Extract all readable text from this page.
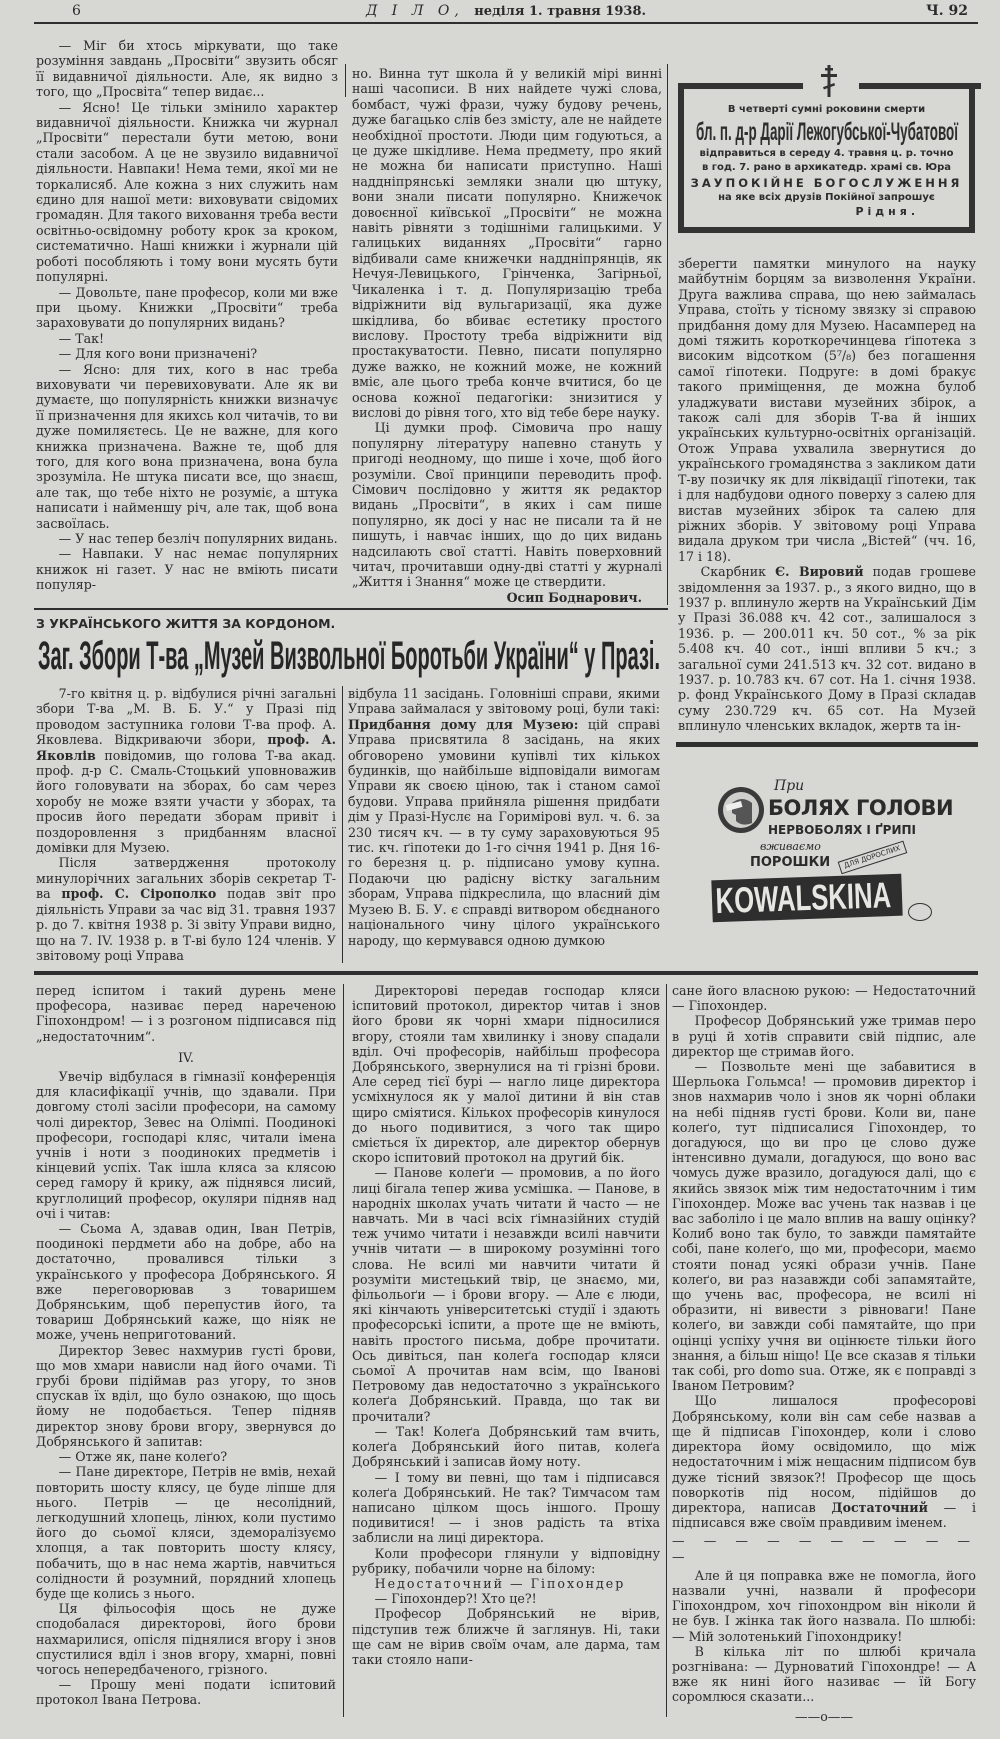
6	Д І Л О, неділя 1. травня 1938.	Ч. 92

— Міг би хтось міркувати, що таке розуміння завдань „Просвіти“ звузить обсяг її видавничої діяльности. Але, як видно з того, що „Просвіта“ тепер видає...

— Ясно! Це тільки змінило характер видавничої діяльности. Книжка чи журнал „Просвіти“ перестали бути метою, вони стали засобом. А це не звузило видавничої діяльности. Навпаки! Нема теми, якої ми не торкалисяб. Але кожна з них служить нам єдино для нашої мети: виховувати свідомих громадян. Для такого виховання треба вести освітньо-освідомну роботу крок за кроком, систематично. Наші книжки і журнали цій роботі пособляють і тому вони мусять бути популярні.

— Довольте, пане професор, коли ми вже при цьому. Книжки „Просвіти“ треба зараховувати до популярних видань?

— Так!

— Для кого вони призначені?

— Ясно: для тих, кого в нас треба виховувати чи перевиховувати. Але як ви думаєте, що популярність книжки визначує її призначення для якихсь кол читачів, то ви дуже помиляєтесь. Це не важне, для кого книжка призначена. Важне те, щоб для того, для кого вона призначена, вона була зрозуміла. Не штука писати все, що знаєш, але так, що тебе ніхто не розуміє, а штука написати і найменшу річ, але так, щоб вона засвоїлась.

— У нас тепер безліч популярних видань.

— Навпаки. У нас немає популярних книжок ні газет. У нас не вміють писати популяр-

но. Винна тут школа й у великій мірі винні наші часописи. В них найдете чужі слова, бомбаст, чужі фрази, чужу будову речень, дуже багацько слів без змісту, але не найдете необхідної простоти. Люди цим годуються, а це дуже шкідливе. Нема предмету, про який не можна би написати приступно. Наші наддніпрянські земляки знали цю штуку, вони знали писати популярно. Книжечок довоєнної київської „Просвіти“ не можна навіть рівняти з тодішніми галицькими. У галицьких виданнях „Просвіти“ гарно відбивали саме книжечки наддніпрянців, як Нечуя-Левицького, Грінченка, Загірньої, Чикаленка і т. д. Популяризацію треба відріжнити від вульгаризації, яка дуже шкідлива, бо вбиває естетику простого вислову. Простоту треба відріжнити від простакуватости. Певно, писати популярно дуже важко, не кожний може, не кожний вміє, але цього треба конче вчитися, бо це основа кожної педагогіки: знизитися у вислові до рівня того, хто від тебе бере науку.

Ці думки проф. Сімовича про нашу популярну літературу напевно стануть у пригоді неодному, що пише і хоче, щоб його розуміли. Свої принципи переводить проф. Сімович послідовно у життя як редактор видань „Просвіти“, в яких і сам пише популярно, як досі у нас не писали та й не пишуть, і навчає інших, що до цих видань надсилають свої статті. Навіть поверховний читач, прочитавши одну-дві статті у журналі „Життя і Знання“ може це ствердити.

Осип Боднарович.

В четверті сумні роковини смерти
бл. п. д-р Дарії Лежогубської-Чубатової
відправиться в середу 4. травня ц. р. точно
в год. 7. рано в архикатедр. храмі св. Юра
ЗАУПОКІЙНЕ БОГОСЛУЖЕННЯ
на яке всіх друзів Покійної запрошує
Рідня.
З УКРАЇНСЬКОГО ЖИТТЯ ЗА КОРДОНОМ.
Заг. Збори Т-ва „Музей Визвольної Боротьби України“ у Празі.

7-го квітня ц. р. відбулися річні загальні збори Т-ва „М. В. Б. У.“ у Празі під проводом заступника голови Т-ва проф. А. Яковлева. Відкриваючи збори, проф. А. Яковлів повідомив, що голова Т-ва акад. проф. д-р С. Смаль-Стоцький уповноважив його головувати на зборах, бо сам через хоробу не може взяти участи у зборах, та просив його передати зборам привіт і поздоровлення з придбанням власної домівки для Музею.

Після затвердження протоколу минулорічних загальних зборів секретар Т-ва проф. С. Сірополко подав звіт про діяльність Управи за час від 31. травня 1937 р. до 7. квітня 1938 р. Зі звіту Управи видно, що на 7. IV. 1938 р. в Т-ві було 124 членів. У звітовому році Управа

відбула 11 засідань. Головніші справи, якими Управа займалася у звітовому році, були такі: Придбання дому для Музею: цій справі Управа присвятила 8 засідань, на яких обговорено умовини купівлі тих кількох будинків, що найбільше відповідали вимогам Управи як своєю ціною, так і станом самої будови. Управа прийняла рішення придбати дім у Празі-Нуслє на Горимірові вул. ч. 6. за 230 тисяч кч. — в ту суму зараховуються 95 тис. кч. ґіпотеки до 1-го січня 1941 р. Дня 16-го березня ц. р. підписано умову купна. Подаючи цю радісну вістку загальним зборам, Управа підкреслила, що власний дім Музею В. Б. У. є справді витвором обєднаного національного чину цілого українського народу, що кермувався одною думкою

зберегти памятки минулого на науку майбутнім борцям за визволення України. Друга важлива справа, що нею займалась Управа, стоїть у тісному звязку зі справою придбання дому для Музею. Насамперед на домі тяжить короткоречинцева ґіпотека з високим відсотком (5⁷/₈) без погашення самої ґіпотеки. Подруге: в домі бракує такого приміщення, де можна булоб уладжувати вистави музейних збірок, а також салі для зборів Т-ва й інших українських культурно-освітніх організацій. Отож Управа ухвалила звернутися до українського громадянства з закликом дати Т-ву позичку як для ліквідації ґіпотеки, так і для надбудови одного поверху з салею для вистав музейних збірок та салею для ріжних зборів. У звітовому році Управа видала друком три числа „Вістей“ (чч. 16, 17 і 18).

Скарбник Є. Вировий подав грошеве звідомлення за 1937. р., з якого видно, що в 1937 р. вплинуло жертв на Український Дім у Празі 36.088 кч. 42 сот., залишалося з 1936. р. — 200.011 кч. 50 сот., % за рік 5.408 кч. 40 сот., інші впливи 5 кч.; з загальної суми 241.513 кч. 32 сот. видано в 1937. р. 10.783 кч. 67 сот. На 1. січня 1938. р. фонд Українського Дому в Празі складав суму 230.729 кч. 65 сот. На Музей вплинуло членських вкладок, жертв та ін-

При
БОЛЯХ ГОЛОВИ
НЕРВОБОЛЯХ І ҐРИПІ
вживаємо
ПОРОШКИ	ДЛЯ ДОРОСЛИХ
KOWALSKINA

перед іспитом і такий дурень мене професора, називає перед нареченою Гіпохондром! — і з розгоном підписався під „недостаточним“.

IV.

Увечір відбулася в гімназії конференція для класифікації учнів, що здавали. При довгому столі засіли професори, на самому чолі директор, Зевес на Олімпі. Поодинокі професори, господарі кляс, читали імена учнів і ноти з поодиноких предметів і кінцевий успіх. Так ішла кляса за клясою серед гамору й крику, аж піднявся лисий, круглолиций професор, окуляри підняв над очі і читав:

— Сьома А, здавав один, Іван Петрів, поодинокі пердмети або на добре, або на достаточно, провалився тільки з українського у професора Добрянського. Я вже переговорював з товаришем Добрянським, щоб перепустив його, та товариш Добрянський каже, що ніяк не може, учень неприготований.

Директор Зевес нахмурив густі брови, що мов хмари нависли над його очами. Ті грубі брови підіймав раз угору, то знов спускав їх вділ, що було ознакою, що щось йому не подобається. Тепер підняв директор знову брови вгору, звернувся до Добрянського й запитав:

— Отже як, пане колеґо?

— Пане директоре, Петрів не вмів, нехай повторить шосту клясу, це буде ліпше для нього. Петрів — це несолідний, легкодушний хлопець, лінюх, коли пустимо його до сьомої кляси, здеморалізуємо хлопця, а так повторить шосту клясу, побачить, що в нас нема жартів, навчиться солідности й розумний, порядний хлопець буде ще колись з нього.

Ця фільософія щось не дуже сподобалася директорові, його брови нахмарилися, опісля піднялися вгору і знов спустилися вділ і знов вгору, хмарні, повні чогось непередбаченого, грізного.

— Прошу мені подати іспитовий протокол Івана Петрова.

Директорові передав господар кляси іспитовий протокол, директор читав і знов його брови як чорні хмари підносилися вгору, стояли там хвилинку і знову спадали вділ. Очі професорів, найбільш професора Добрянського, звернулися на ті грізні брови. Але серед тієї бурі — нагло лице директора усміхнулося як у малої дитини й він став щиро сміятися. Кількох професорів кинулося до нього подивитися, з чого так щиро сміється їх директор, але директор обернув скоро іспитовий протокол на другий бік.

— Панове колеґи — промовив, а по його лиці бігала тепер жива усмішка. — Панове, в народніх школах учать читати й часто — не навчать. Ми в часі всіх ґімназійних студій теж учимо читати і незавжди всилі навчити учнів читати — в широкому розумінні того слова. Не всилі ми навчити читати й розуміти мистецький твір, це знаємо, ми, фільольоґи — і брови вгору. — Але є люди, які кінчають університетські студії і здають професорські іспити, а проте ще не вміють, навіть простого письма, добре прочитати. Ось дивіться, пан колеґа господар кляси сьомої А прочитав нам всім, що Іванові Петровому дав недостаточно з українського колеґа Добрянський. Правда, що так ви прочитали?

— Так! Колеґа Добрянський там вчить, колеґа Добрянський його питав, колеґа Добрянський і записав йому ноту.

— І тому ви певні, що там і підписався колеґа Добрянський. Не так? Тимчасом там написано цілком щось іншого. Прошу подивитися! — і знов радість та втіха заблисли на лиці директора.

Коли професори глянули у відповідну рубрику, побачили чорне на білому:

Недостаточний — Гіпохондер

— Гіпохондер?! Хто це?!

Професор Добрянський не вірив, підступив теж ближче й заглянув. Ні, таки ще сам не вірив своїм очам, але дарма, там таки стояло напи-

сане його власною рукою: — Недостаточний — Гіпохондер.

Професор Добрянський уже тримав перо в руці й хотів справити свій підпис, але директор ще стримав його.

— Позвольте мені ще забавитися в Шерльока Гольмса! — промовив директор і знов нахмарив чоло і знов як чорні облаки на небі підняв густі брови. Коли ви, пане колеґо, тут підписалися Гіпохондер, то догадуюся, що ви про це слово дуже інтенсивно думали, догадуюся, що воно вас чомусь дуже вразило, догадуюся далі, що є якийсь звязок між тим недостаточним і тим Гіпохондер. Може вас учень так назвав і це вас заболіло і це мало вплив на вашу оцінку? Колиб воно так було, то завжди памятайте собі, пане колеґо, що ми, професори, маємо стояти понад усякі образи учнів. Пане колеґо, ви раз назавжди собі запамятайте, що учень вас, професора, не всилі ні образити, ні вивести з рівноваги! Пане колеґо, ви завжди собі памятайте, що при оцінці успіху учня ви оцінюєте тільки його знання, а більш ніщо! Це все сказав я тільки так собі, pro domo sua. Отже, як є поправді з Іваном Петровим?

Що лишалося професорові Добрянському, коли він сам себе назвав а ще й підписав Гіпохондер, коли і слово директора йому освідомило, що між недостаточним і між нещасним підписом був дуже тісний звязок?! Професор ще щось поворкотів під носом, підійшов до директора, написав Достаточний — і підписався вже своїм правдивим іменем.

— — — — — — — — — — —

Але й ця поправка вже не помогла, його назвали учні, назвали й професори Гіпохондром, хоч гіпохондром він ніколи й не був. І жінка так його назвала. По шлюбі: — Мій золотенький Гіпохондрику!

В кілька літ по шлюбі кричала розгнівана: — Дурноватий Гіпохондре! — А вже як нині його називає — їй Богу соромлюся сказати...

——o——
